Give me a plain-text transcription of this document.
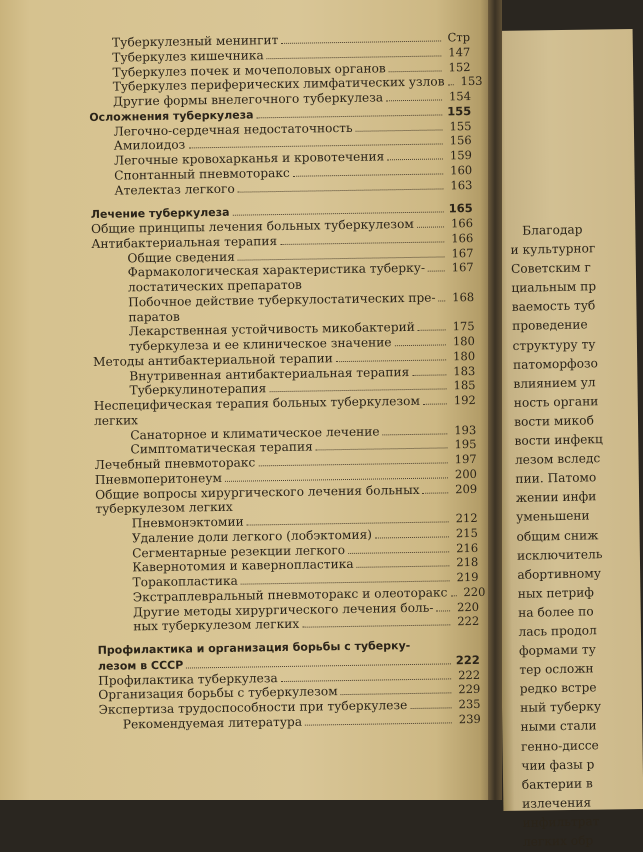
Туберкулезный менингит	Стр
Туберкулез кишечника	147
Туберкулез почек и мочеполовых органов	152
Туберкулез периферических лимфатических узлов	153
Другие формы внелегочного туберкулеза	154
Осложнения туберкулеза	155
Легочно-сердечная недостаточность	155
Амилоидоз	156
Легочные кровохарканья и кровотечения	159
Спонтанный пневмоторакс	160
Ателектаз легкого	163
Лечение туберкулеза	165
Общие принципы лечения больных туберкулезом	166
Антибактериальная терапия	166
Общие сведения	167
Фармакологическая характеристика туберку-	167
лостатических препаратов
Побочное действие туберкулостатических пре-	168
паратов
Лекарственная устойчивость микобактерий	175
туберкулеза и ее клиническое значение	180
Методы антибактериальной терапии	180
Внутривенная антибактериальная терапия	183
Туберкулинотерапия	185
Неспецифическая терапия больных туберкулезом	192
легких
Санаторное и климатическое лечение	193
Симптоматическая терапия	195
Лечебный пневмоторакс	197
Пневмоперитонеум	200
Общие вопросы хирургического лечения больных	209
туберкулезом легких
Пневмонэктомии	212
Удаление доли легкого (лобэктомия)	215
Сегментарные резекции легкого	216
Кавернотомия и кавернопластика	218
Торакопластика	219
Экстраплевральный пневмоторакс и олеоторакс	220
Другие методы хирургического лечения боль-	220
ных туберкулезом легких	222
Профилактика и организация борьбы с туберку-
лезом в СССР	222
Профилактика туберкулеза	222
Организация борьбы с туберкулезом	229
Экспертиза трудоспособности при туберкулезе	235
Рекомендуемая литература	239
Благодар
и культурног
Советским г
циальным пр
ваемость туб
проведение
структуру ту
патоморфозо
влиянием ул
ность органи
вости микоб
вости инфекц
лезом вследс
пии. Патомо
жении инфи
уменьшени
общим сниж
исключитель
абортивному
ных петриф
на более по
лась продол
формами ту
тер осложн
редко встре
ный туберку
ными стали
генно-диссе
чии фазы р
бактерии в
излечения
инфильтрат
легких обр
